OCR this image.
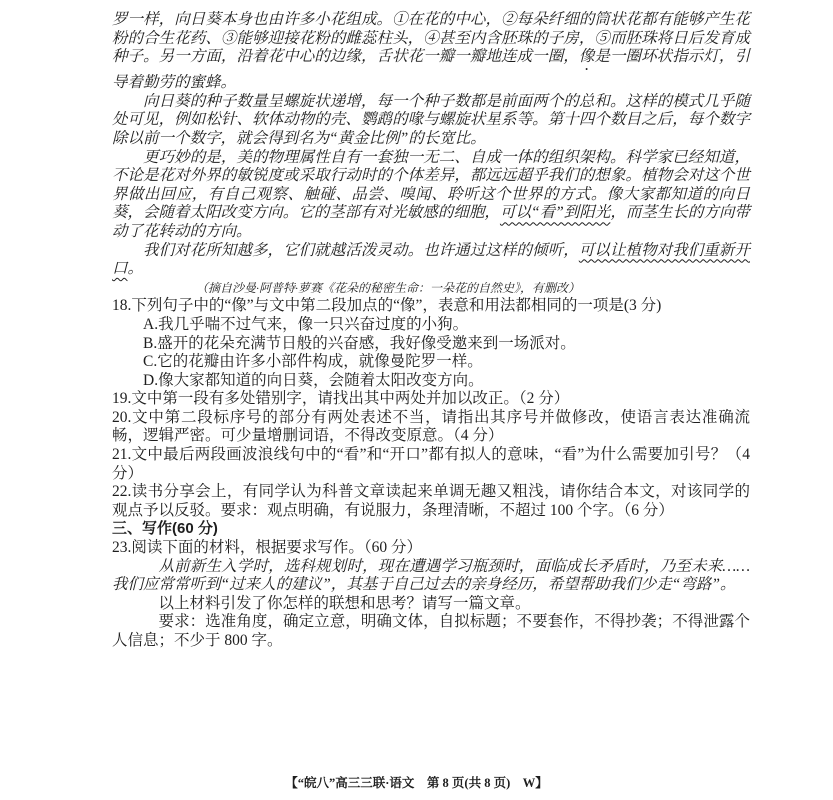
罗一样，向日葵本身也由许多小花组成。①在花的中心，②每朵纤细的筒状花都有能够产生花粉的合生花药、③能够迎接花粉的雌蕊柱头，④甚至内含胚珠的子房，⑤而胚珠将日后发育成种子。另一方面，沿着花中心的边缘，舌状花一瓣一瓣地连成一圈，像是一圈环状指示灯，引导着勤劳的蜜蜂。

向日葵的种子数量呈螺旋状递增，每一个种子数都是前面两个的总和。这样的模式几乎随处可见，例如松针、软体动物的壳、鹦鹉的喙与螺旋状星系等。第十四个数目之后，每个数字除以前一个数字，就会得到名为“黄金比例”的长宽比。

更巧妙的是，美的物理属性自有一套独一无二、自成一体的组织架构。科学家已经知道，不论是花对外界的敏锐度或采取行动时的个体差异，都远远超乎我们的想象。植物会对这个世界做出回应，有自己观察、触碰、品尝、嗅闻、聆听这个世界的方式。像大家都知道的向日葵，会随着太阳改变方向。它的茎部有对光敏感的细胞，可以“看”到阳光，而茎生长的方向带动了花转动的方向。

我们对花所知越多，它们就越活泼灵动。也许通过这样的倾听，可以让植物对我们重新开口。

（摘自沙曼·阿普特·萝赛《花朵的秘密生命：一朵花的自然史》，有删改）

18.下列句子中的“像”与文中第二段加点的“像”，表意和用法都相同的一项是(3 分)

A.我几乎喘不过气来，像一只兴奋过度的小狗。

B.盛开的花朵充满节日般的兴奋感，我好像受邀来到一场派对。

C.它的花瓣由许多小部件构成，就像曼陀罗一样。

D.像大家都知道的向日葵，会随着太阳改变方向。

19.文中第一段有多处错别字，请找出其中两处并加以改正。（2 分）

20.文中第二段标序号的部分有两处表述不当，请指出其序号并做修改，使语言表达准确流畅，逻辑严密。可少量增删词语，不得改变原意。（4 分）

21.文中最后两段画波浪线句中的“看”和“开口”都有拟人的意味，“看”为什么需要加引号？（4 分）

22.读书分享会上，有同学认为科普文章读起来单调无趣又粗浅，请你结合本文，对该同学的观点予以反驳。要求：观点明确，有说服力，条理清晰，不超过 100 个字。（6 分）

三、写作(60 分)

23.阅读下面的材料，根据要求写作。（60 分）

从前新生入学时，选科规划时，现在遭遇学习瓶颈时，面临成长矛盾时，乃至未来……我们应常常听到“过来人的建议”，其基于自己过去的亲身经历，希望帮助我们少走“弯路”。

以上材料引发了你怎样的联想和思考？请写一篇文章。

要求：选准角度，确定立意，明确文体，自拟标题；不要套作，不得抄袭；不得泄露个人信息；不少于 800 字。

【“皖八”高三三联·语文　第 8 页(共 8 页)　W】
